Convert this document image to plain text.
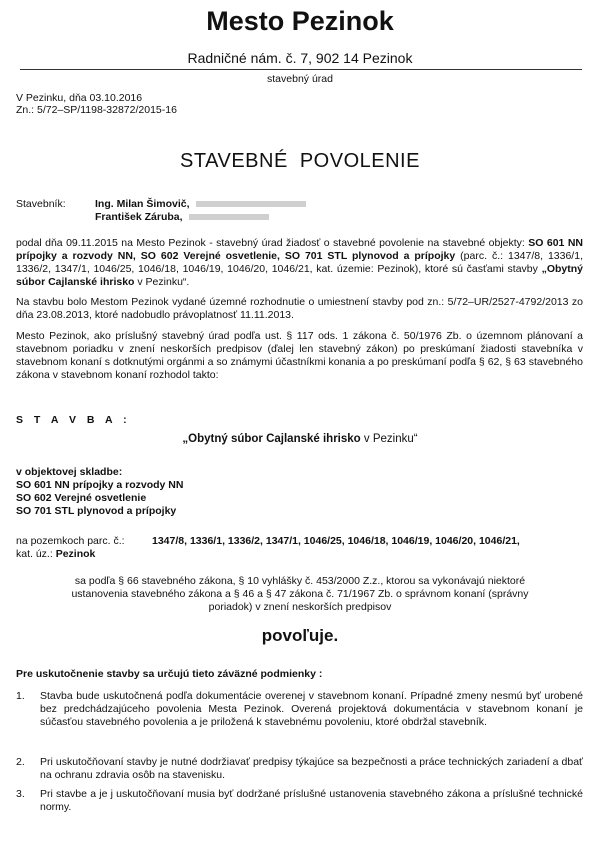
Mesto Pezinok
Radničné nám. č. 7, 902 14 Pezinok
stavebný úrad
V Pezinku, dňa 03.10.2016
Zn.: 5/72–SP/1198-32872/2015-16
STAVEBNÉ POVOLENIE
Stavebník:	Ing. Milan Šimovič,
František Záruba,
podal dňa 09.11.2015 na Mesto Pezinok - stavebný úrad žiadosť o stavebné povolenie na stavebné objekty: SO 601 NN prípojky a rozvody NN, SO 602 Verejné osvetlenie, SO 701 STL plynovod a prípojky (parc. č.: 1347/8, 1336/1, 1336/2, 1347/1, 1046/25, 1046/18, 1046/19, 1046/20, 1046/21, kat. územie: Pezinok), ktoré sú časťami stavby „Obytný súbor Cajlanské ihrisko v Pezinku“.
Na stavbu bolo Mestom Pezinok vydané územné rozhodnutie o umiestnení stavby pod zn.: 5/72–UR/2527-4792/2013 zo dňa 23.08.2013, ktoré nadobudlo právoplatnosť 11.11.2013.
Mesto Pezinok, ako príslušný stavebný úrad podľa ust. § 117 ods. 1 zákona č. 50/1976 Zb. o územnom plánovaní a stavebnom poriadku v znení neskorších predpisov (ďalej len stavebný zákon) po preskúmaní žiadosti stavebníka v stavebnom konaní s dotknutými orgánmi a so známymi účastníkmi konania a po preskúmaní podľa § 62, § 63 stavebného zákona v stavebnom konaní rozhodol takto:
S T A V B A :
„Obytný súbor Cajlanské ihrisko v Pezinku“
v objektovej skladbe:
SO 601 NN prípojky a rozvody NN
SO 602 Verejné osvetlenie
SO 701 STL plynovod a prípojky
na pozemkoch parc. č.:	1347/8, 1336/1, 1336/2, 1347/1, 1046/25, 1046/18, 1046/19, 1046/20, 1046/21,
kat. úz.: Pezinok
sa podľa § 66 stavebného zákona, § 10 vyhlášky č. 453/2000 Z.z., ktorou sa vykonávajú niektoré
ustanovenia stavebného zákona a § 46 a § 47 zákona č. 71/1967 Zb. o správnom konaní (správny
poriadok) v znení neskorších predpisov
povoľuje.
Pre uskutočnenie stavby sa určujú tieto záväzné podmienky :
1. Stavba bude uskutočnená podľa dokumentácie overenej v stavebnom konaní. Prípadné zmeny nesmú byť urobené bez predchádzajúceho povolenia Mesta Pezinok. Overená projektová dokumentácia v stavebnom konaní je súčasťou stavebného povolenia a je priložená k stavebnému povoleniu, ktoré obdržal stavebník.
2. Pri uskutočňovaní stavby je nutné dodržiavať predpisy týkajúce sa bezpečnosti a práce technických zariadení a dbať na ochranu zdravia osôb na stavenisku.
3. Pri stavbe a je j uskutočňovaní musia byť dodržané príslušné ustanovenia stavebného zákona a príslušné technické normy.
